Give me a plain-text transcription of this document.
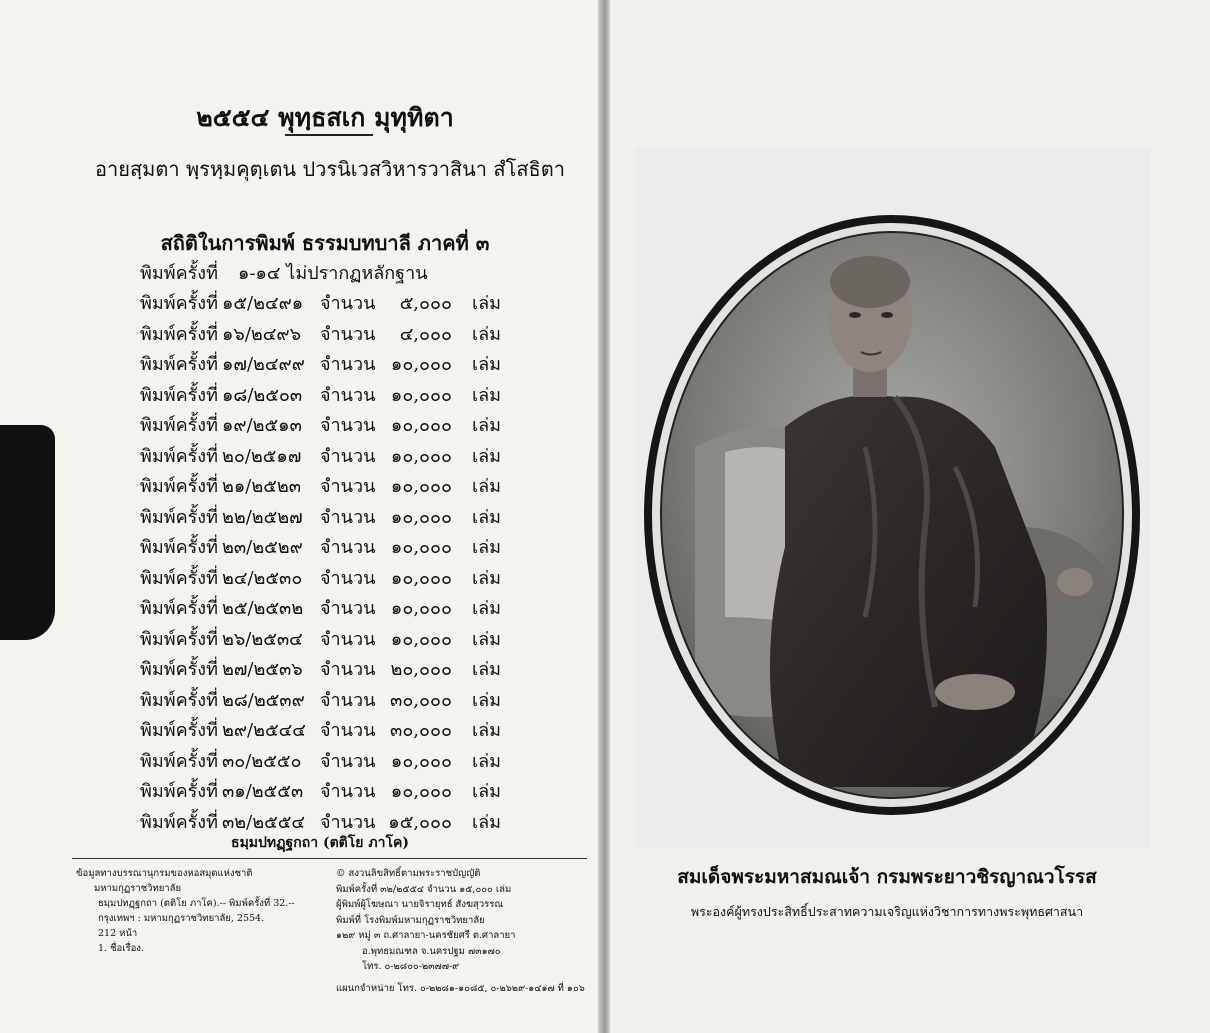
๒๕๕๔ พุทฺธสเก มุทุทิตา
อายสฺมตา พฺรหฺมคุตฺเตน ปวรนิเวสวิหารวาสินา สํโสธิตา
สถิติในการพิมพ์ ธรรมบทบาลี ภาคที่ ๓
พิมพ์ครั้งที่ ๑-๑๔ ไม่ปรากฏหลักฐาน
พิมพ์ครั้งที่ ๑๕/๒๔๙๑ จำนวน ๕,๐๐๐ เล่ม
พิมพ์ครั้งที่ ๑๖/๒๔๙๖ จำนวน ๔,๐๐๐ เล่ม
พิมพ์ครั้งที่ ๑๗/๒๔๙๙ จำนวน ๑๐,๐๐๐ เล่ม
พิมพ์ครั้งที่ ๑๘/๒๕๐๓ จำนวน ๑๐,๐๐๐ เล่ม
พิมพ์ครั้งที่ ๑๙/๒๕๑๓ จำนวน ๑๐,๐๐๐ เล่ม
พิมพ์ครั้งที่ ๒๐/๒๕๑๗ จำนวน ๑๐,๐๐๐ เล่ม
พิมพ์ครั้งที่ ๒๑/๒๕๒๓ จำนวน ๑๐,๐๐๐ เล่ม
พิมพ์ครั้งที่ ๒๒/๒๕๒๗ จำนวน ๑๐,๐๐๐ เล่ม
พิมพ์ครั้งที่ ๒๓/๒๕๒๙ จำนวน ๑๐,๐๐๐ เล่ม
พิมพ์ครั้งที่ ๒๔/๒๕๓๐ จำนวน ๑๐,๐๐๐ เล่ม
พิมพ์ครั้งที่ ๒๕/๒๕๓๒ จำนวน ๑๐,๐๐๐ เล่ม
พิมพ์ครั้งที่ ๒๖/๒๕๓๔ จำนวน ๑๐,๐๐๐ เล่ม
พิมพ์ครั้งที่ ๒๗/๒๕๓๖ จำนวน ๒๐,๐๐๐ เล่ม
พิมพ์ครั้งที่ ๒๘/๒๕๓๙ จำนวน ๓๐,๐๐๐ เล่ม
พิมพ์ครั้งที่ ๒๙/๒๕๔๔ จำนวน ๓๐,๐๐๐ เล่ม
พิมพ์ครั้งที่ ๓๐/๒๕๕๐ จำนวน ๑๐,๐๐๐ เล่ม
พิมพ์ครั้งที่ ๓๑/๒๕๕๓ จำนวน ๑๐,๐๐๐ เล่ม
พิมพ์ครั้งที่ ๓๒/๒๕๕๔ จำนวน ๑๕,๐๐๐ เล่ม
ธมฺมปทฏฺฐกถา (ตติโย ภาโค)
ข้อมูลทางบรรณานุกรมของหอสมุดแห่งชาติ
มหามกุฏราชวิทยาลัย
ธมฺมปทฏฺฐกถา (ตติโย ภาโค).-- พิมพ์ครั้งที่ 32.--
กรุงเทพฯ : มหามกุฏราชวิทยาลัย, 2554.
212 หน้า
1. ชื่อเรื่อง.
© สงวนลิขสิทธิ์ตามพระราชบัญญัติ
พิมพ์ครั้งที่ ๓๒/๒๕๕๔ จำนวน ๑๕,๐๐๐ เล่ม
ผู้พิมพ์ผู้โฆษณา นายจิรายุทธ์ สังฆสุวรรณ
พิมพ์ที่ โรงพิมพ์มหามกุฏราชวิทยาลัย
๑๒๙ หมู่ ๓ ถ.ศาลายา-นครชัยศรี ต.ศาลายา
อ.พุทธมณฑล จ.นครปฐม ๗๓๑๗๐
โทร. ๐-๒๘๐๐-๒๓๗๗-๙
แผนกจำหน่าย โทร. ๐-๒๒๘๑-๑๐๘๕, ๐-๒๖๒๙-๑๔๑๗ ที่ ๑๐๖
สมเด็จพระมหาสมณเจ้า กรมพระยาวชิรญาณวโรรส
พระองค์ผู้ทรงประสิทธิ์ประสาทความเจริญแห่งวิชาการทางพระพุทธศาสนา
